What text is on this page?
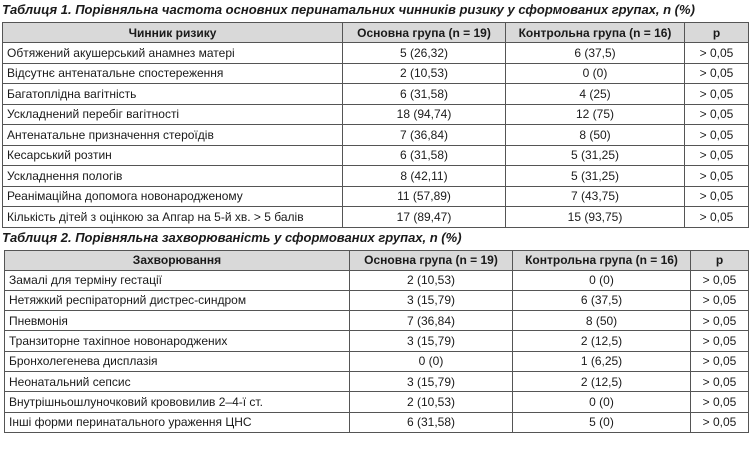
Таблиця 1. Порівняльна частота основних перинатальних чинників ризику у сформованих групах, n (%)
Чинник ризику	Основна група (n = 19)	Контрольна група (n = 16)	p
Обтяжений акушерський анамнез матері	5 (26,32)	6 (37,5)	> 0,05
Відсутнє антенатальне спостереження	2 (10,53)	0 (0)	> 0,05
Багатоплідна вагітність	6 (31,58)	4 (25)	> 0,05
Ускладнений перебіг вагітності	18 (94,74)	12 (75)	> 0,05
Антенатальне призначення стероїдів	7 (36,84)	8 (50)	> 0,05
Кесарський розтин	6 (31,58)	5 (31,25)	> 0,05
Ускладнення пологів	8 (42,11)	5 (31,25)	> 0,05
Реанімаційна допомога новонародженому	11 (57,89)	7 (43,75)	> 0,05
Кількість дітей з оцінкою за Апгар на 5-й хв. > 5 балів	17 (89,47)	15 (93,75)	> 0,05
Таблиця 2. Порівняльна захворюваність у сформованих групах, n (%)
Захворювання	Основна група (n = 19)	Контрольна група (n = 16)	p
Замалі для терміну гестації	2 (10,53)	0 (0)	> 0,05
Нетяжкий респіраторний дистрес-синдром	3 (15,79)	6 (37,5)	> 0,05
Пневмонія	7 (36,84)	8 (50)	> 0,05
Транзиторне тахіпное новонароджених	3 (15,79)	2 (12,5)	> 0,05
Бронхолегенева дисплазія	0 (0)	1 (6,25)	> 0,05
Неонатальний сепсис	3 (15,79)	2 (12,5)	> 0,05
Внутрішньошлуночковий крововилив 2–4-ї ст.	2 (10,53)	0 (0)	> 0,05
Інші форми перинатального ураження ЦНС	6 (31,58)	5 (0)	> 0,05
